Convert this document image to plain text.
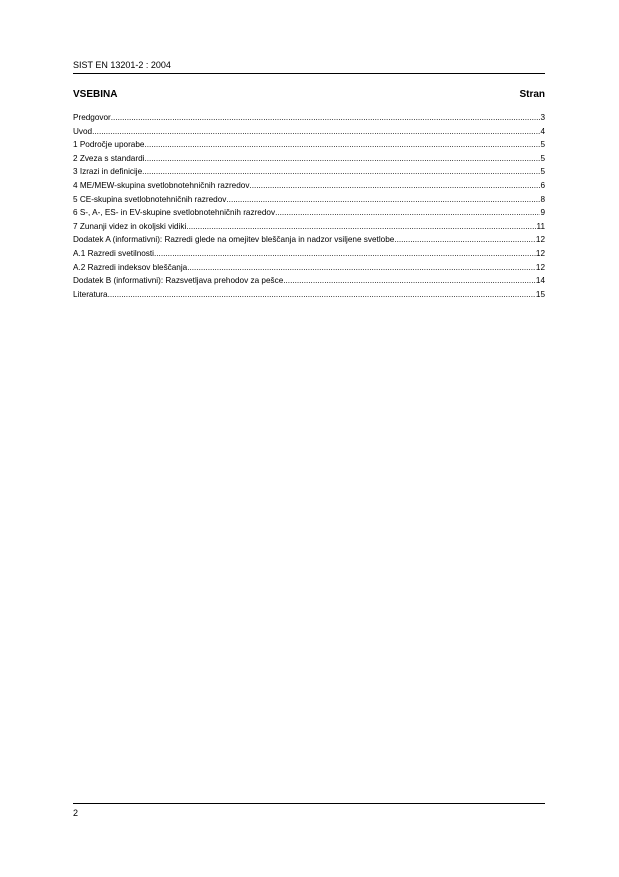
SIST EN 13201-2 : 2004
VSEBINA	Stran
Predgovor .....	3
Uvod .....	4
1 Področje uporabe .....	5
2 Zveza s standardi .....	5
3 Izrazi in definicije .....	5
4 ME/MEW-skupina svetlobnotehničnih razredov .....	6
5 CE-skupina svetlobnotehničnih razredov .....	8
6 S-, A-, ES- in EV-skupine svetlobnotehničnih razredov .....	9
7 Zunanji videz in okoljski vidiki .....	11
Dodatek A (informativni): Razredi glede na omejitev bleščanja in nadzor vsiljene svetlobe .....	12
A.1 Razredi svetilnosti .....	12
A.2 Razredi indeksov bleščanja .....	12
Dodatek B (informativni): Razsvetljava prehodov za pešce .....	14
Literatura .....	15
2
